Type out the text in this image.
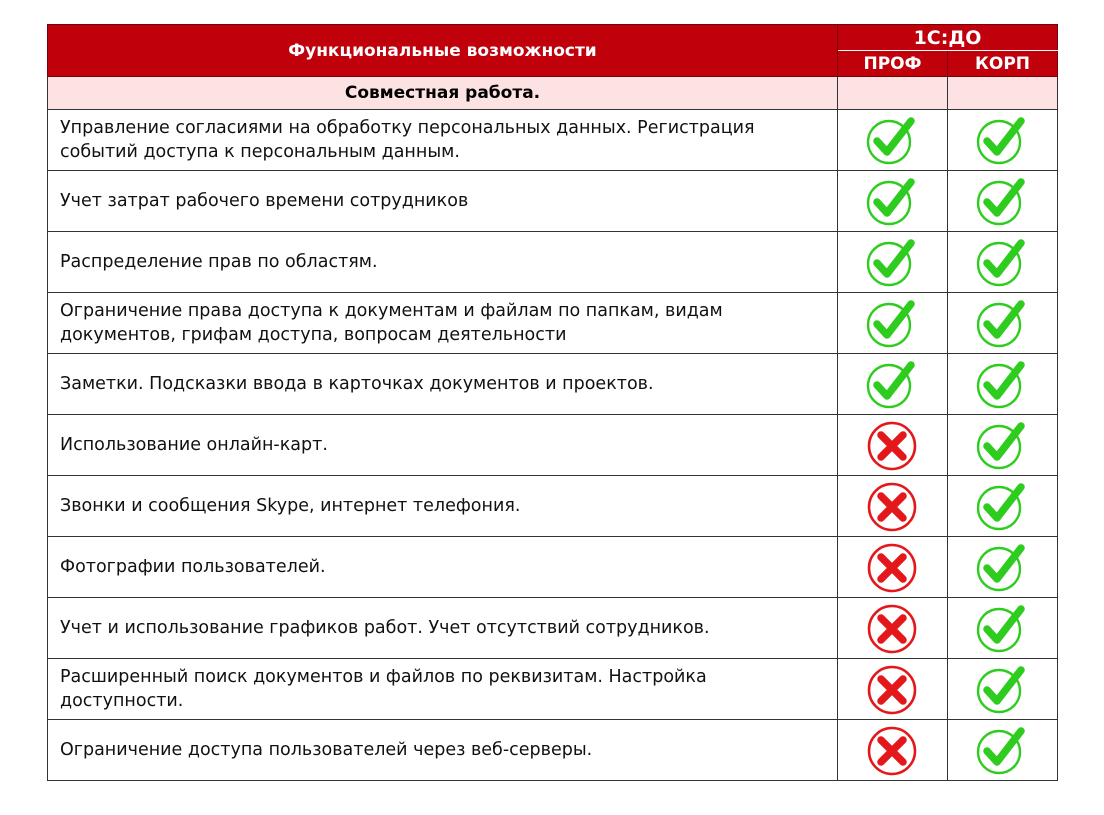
Функциональные возможности	1С:ДО	
	ПРОФ	КОРП
Совместная работа.		
Управление согласиями на обработку персональных данных. Регистрация событий доступа к персональным данным.		
Учет затрат рабочего времени сотрудников		
Распределение прав по областям.		
Ограничение права доступа к документам и файлам по папкам, видам документов, грифам доступа, вопросам деятельности		
Заметки. Подсказки ввода в карточках документов и проектов.		
Использование онлайн-карт.		
Звонки и сообщения Skype, интернет телефония.		
Фотографии пользователей.		
Учет и использование графиков работ. Учет отсутствий сотрудников.		
Расширенный поиск документов и файлов по реквизитам. Настройка доступности.		
Ограничение доступа пользователей через веб-серверы.		
